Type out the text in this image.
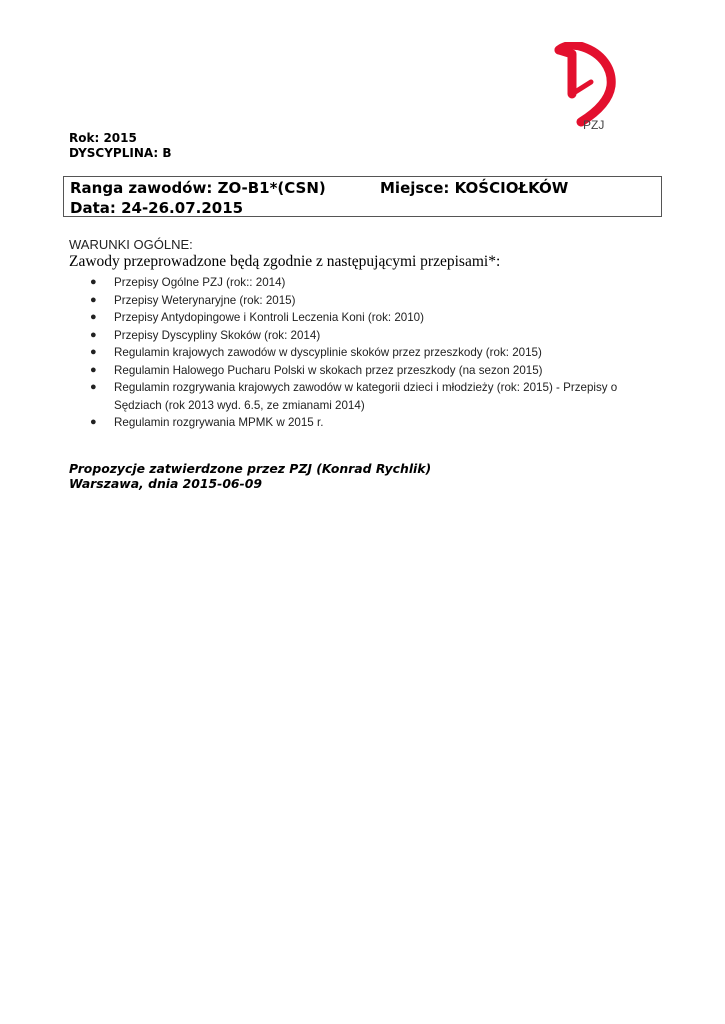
PZJ
Rok: 2015
DYSCYPLINA: B
Ranga zawodów: ZO-B1*(CSN)	Miejsce: KOŚCIOŁKÓW
Data: 24-26.07.2015
WARUNKI OGÓLNE:
Zawody przeprowadzone będą zgodnie z następującymi przepisami*:
● Przepisy Ogólne PZJ (rok:: 2014)
● Przepisy Weterynaryjne (rok: 2015)
● Przepisy Antydopingowe i Kontroli Leczenia Koni (rok: 2010)
● Przepisy Dyscypliny Skoków (rok: 2014)
● Regulamin krajowych zawodów w dyscyplinie skoków przez przeszkody (rok: 2015)
● Regulamin Halowego Pucharu Polski w skokach przez przeszkody (na sezon 2015)
● Regulamin rozgrywania krajowych zawodów w kategorii dzieci i młodzieży (rok: 2015) - Przepisy o Sędziach (rok 2013 wyd. 6.5, ze zmianami 2014)
● Regulamin rozgrywania MPMK w 2015 r.
Propozycje zatwierdzone przez PZJ (Konrad Rychlik)
Warszawa, dnia 2015-06-09
